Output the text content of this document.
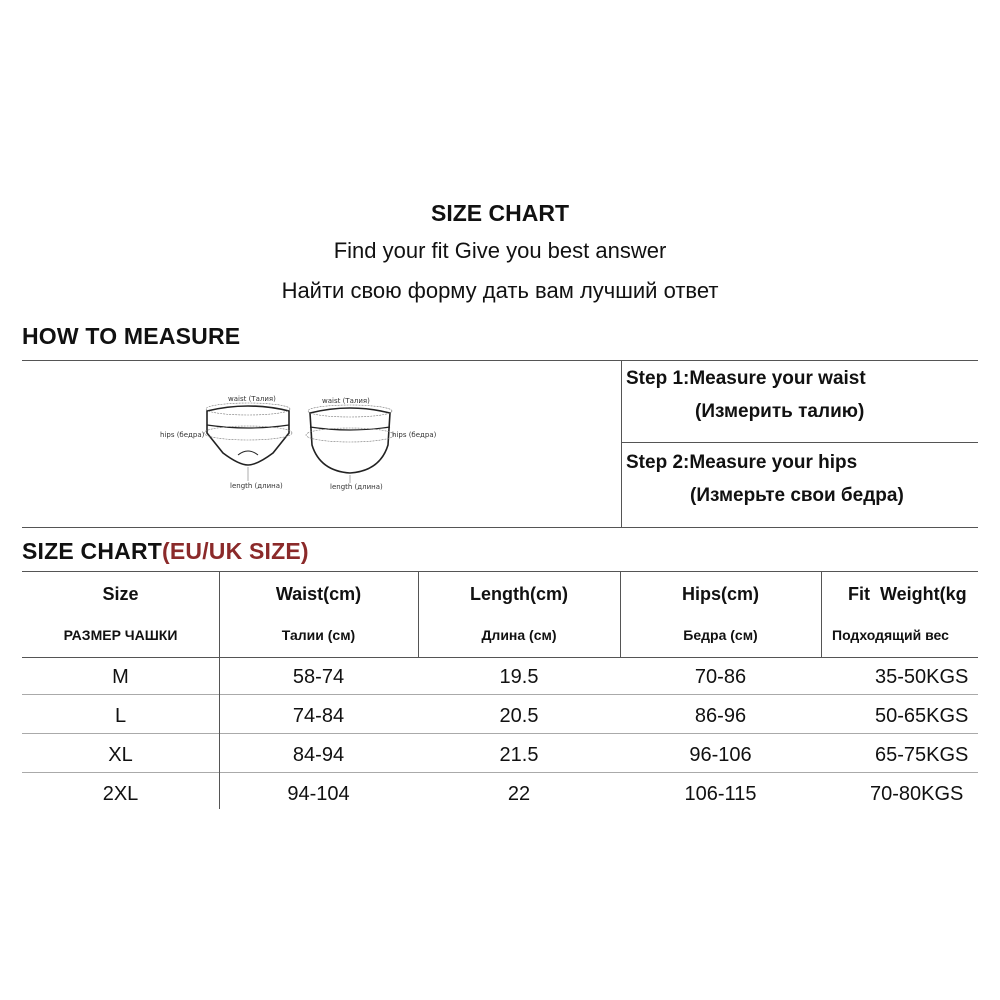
SIZE CHART
Find your fit Give you best answer
Найти свою форму дать вам лучший ответ
HOW TO MEASURE
waist (Талия)
hips (бедра)
length (длина)
waist (Талия)
hips (бедра)
length (длина)
Step 1:Measure your waist
(Измерить талию)
Step 2:Measure your hips
(Измерьте свои бедра)
SIZE CHART(EU/UK SIZE)
Size	Waist(cm)	Length(cm)	Hips(cm)	Fit  Weight(kg
РАЗМЕР ЧАШКИ	Талии (см)	Длина (см)	Бедра (см)	Подходящий вес
M	58-74	19.5	70-86	35-50KGS
L	74-84	20.5	86-96	50-65KGS
XL	84-94	21.5	96-106	65-75KGS
2XL	94-104	22	106-115	70-80KGS
